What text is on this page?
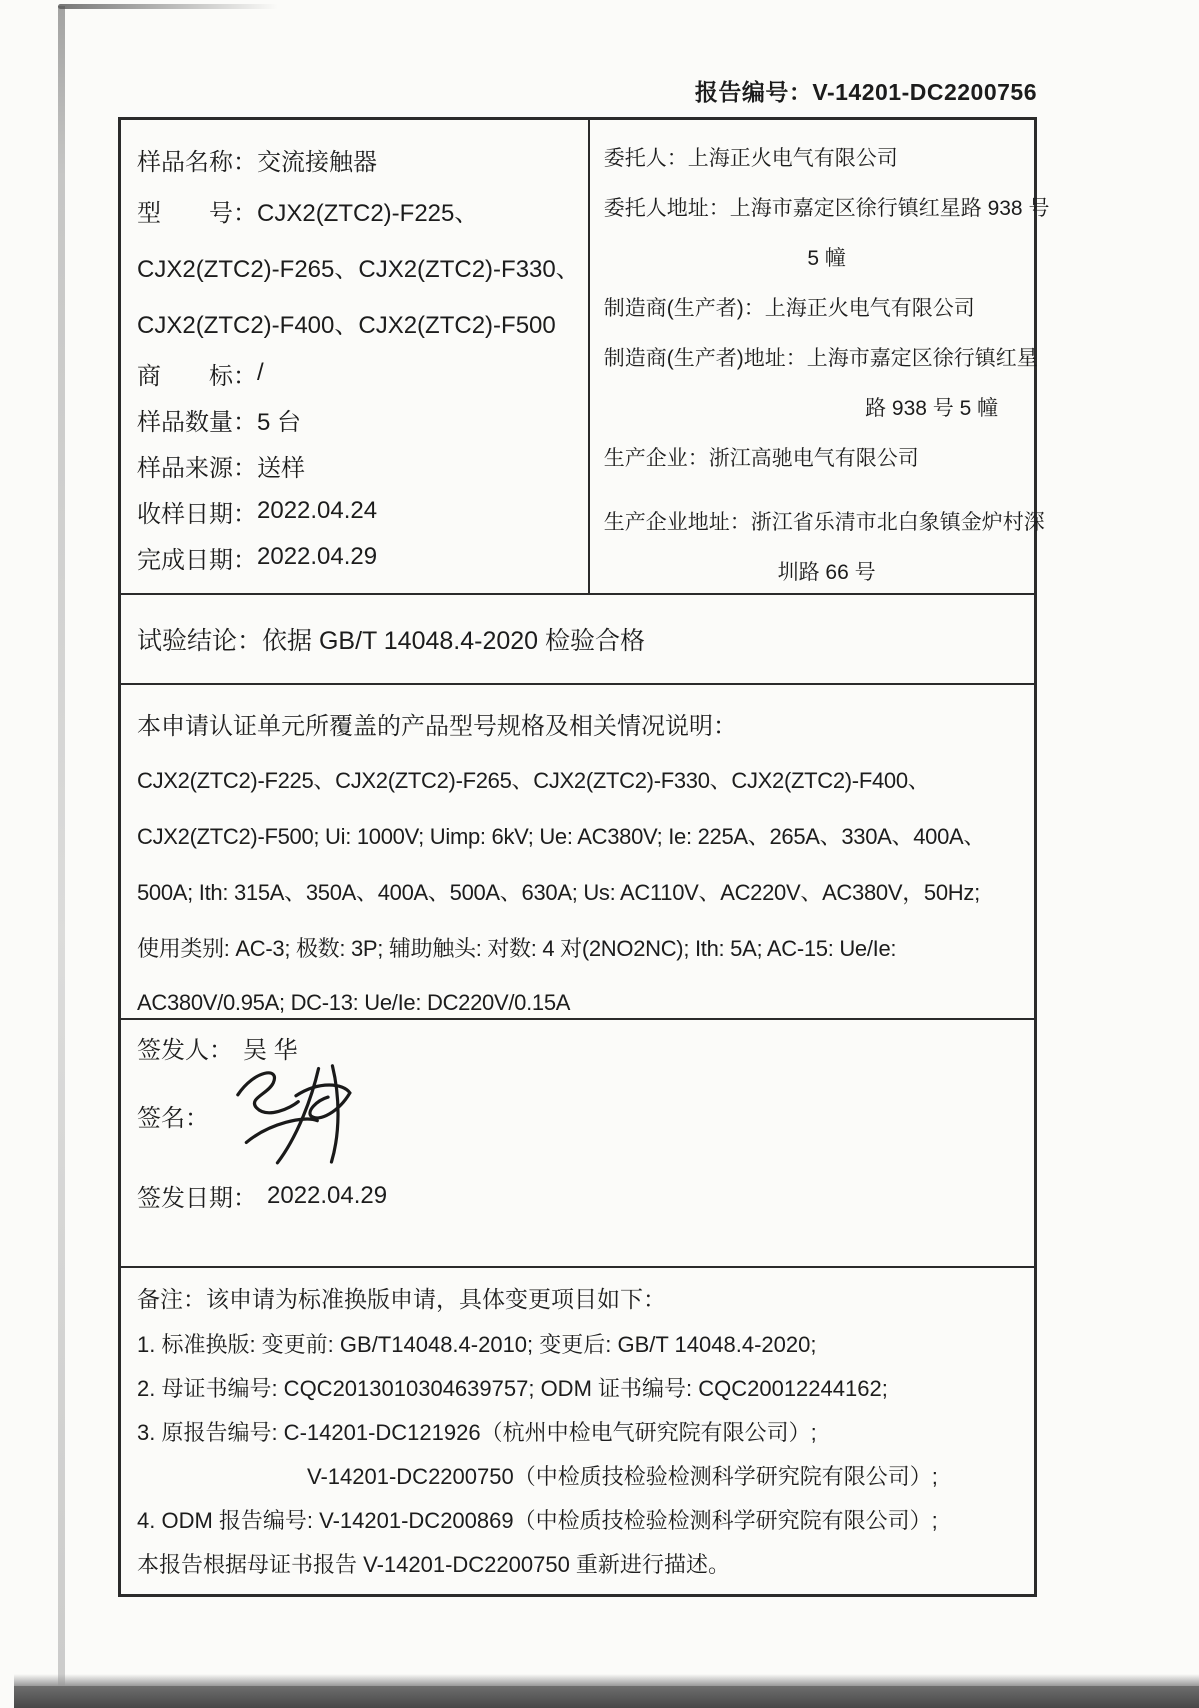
报告编号：V-14201-DC2200756
样品名称： 交流接触器
型　　号： CJX2(ZTC2)-F225、
CJX2(ZTC2)-F265、CJX2(ZTC2)-F330、
CJX2(ZTC2)-F400、CJX2(ZTC2)-F500
商　　标： /
样品数量： 5 台
样品来源： 送样
收样日期： 2022.04.24
完成日期： 2022.04.29
委托人：上海正火电气有限公司
委托人地址：上海市嘉定区徐行镇红星路 938 号
5 幢
制造商(生产者)：上海正火电气有限公司
制造商(生产者)地址：上海市嘉定区徐行镇红星
路 938 号 5 幢
生产企业：浙江高驰电气有限公司
生产企业地址：浙江省乐清市北白象镇金炉村深
圳路 66 号
试验结论：依据 GB/T 14048.4-2020 检验合格
本申请认证单元所覆盖的产品型号规格及相关情况说明：
CJX2(ZTC2)-F225、CJX2(ZTC2)-F265、CJX2(ZTC2)-F330、CJX2(ZTC2)-F400、
CJX2(ZTC2)-F500; Ui: 1000V; Uimp: 6kV; Ue: AC380V; Ie: 225A、265A、330A、400A、
500A; Ith: 315A、350A、400A、500A、630A; Us: AC110V、AC220V、AC380V，50Hz;
使用类别: AC-3; 极数: 3P; 辅助触头: 对数: 4 对(2NO2NC); Ith: 5A; AC-15: Ue/Ie:
AC380V/0.95A; DC-13: Ue/Ie: DC220V/0.15A
签发人： 吴 华
签名：
签发日期： 2022.04.29
备注：该申请为标准换版申请，具体变更项目如下：
1. 标准换版: 变更前: GB/T14048.4-2010; 变更后: GB/T 14048.4-2020;
2. 母证书编号: CQC2013010304639757; ODM 证书编号: CQC20012244162;
3. 原报告编号: C-14201-DC121926（杭州中检电气研究院有限公司）;
V-14201-DC2200750（中检质技检验检测科学研究院有限公司）;
4. ODM 报告编号: V-14201-DC200869（中检质技检验检测科学研究院有限公司）;
本报告根据母证书报告 V-14201-DC2200750 重新进行描述。
